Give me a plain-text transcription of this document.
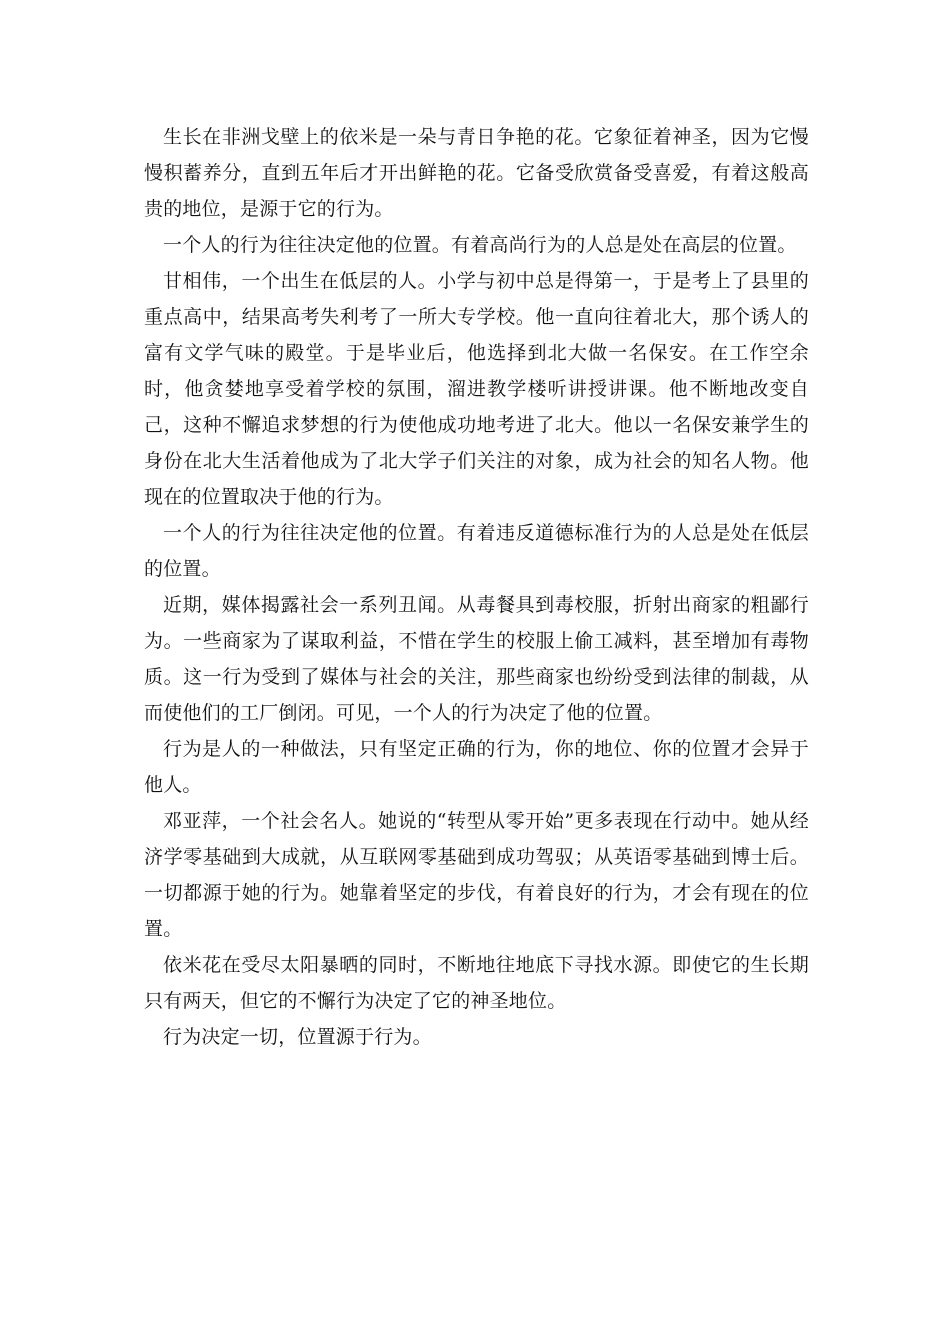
生长在非洲戈壁上的依米是一朵与青日争艳的花。它象征着神圣，因为它慢慢积蓄养分，直到五年后才开出鲜艳的花。它备受欣赏备受喜爱，有着这般高贵的地位，是源于它的行为。

一个人的行为往往决定他的位置。有着高尚行为的人总是处在高层的位置。

甘相伟，一个出生在低层的人。小学与初中总是得第一，于是考上了县里的重点高中，结果高考失利考了一所大专学校。他一直向往着北大，那个诱人的富有文学气味的殿堂。于是毕业后，他选择到北大做一名保安。在工作空余时，他贪婪地享受着学校的氛围，溜进教学楼听讲授讲课。他不断地改变自己，这种不懈追求梦想的行为使他成功地考进了北大。他以一名保安兼学生的身份在北大生活着他成为了北大学子们关注的对象，成为社会的知名人物。他现在的位置取决于他的行为。

一个人的行为往往决定他的位置。有着违反道德标准行为的人总是处在低层的位置。

近期，媒体揭露社会一系列丑闻。从毒餐具到毒校服，折射出商家的粗鄙行为。一些商家为了谋取利益，不惜在学生的校服上偷工减料，甚至增加有毒物质。这一行为受到了媒体与社会的关注，那些商家也纷纷受到法律的制裁，从而使他们的工厂倒闭。可见，一个人的行为决定了他的位置。

行为是人的一种做法，只有坚定正确的行为，你的地位、你的位置才会异于他人。

邓亚萍，一个社会名人。她说的“转型从零开始”更多表现在行动中。她从经济学零基础到大成就，从互联网零基础到成功驾驭；从英语零基础到博士后。一切都源于她的行为。她靠着坚定的步伐，有着良好的行为，才会有现在的位置。

依米花在受尽太阳暴晒的同时，不断地往地底下寻找水源。即使它的生长期只有两天，但它的不懈行为决定了它的神圣地位。

行为决定一切，位置源于行为。
